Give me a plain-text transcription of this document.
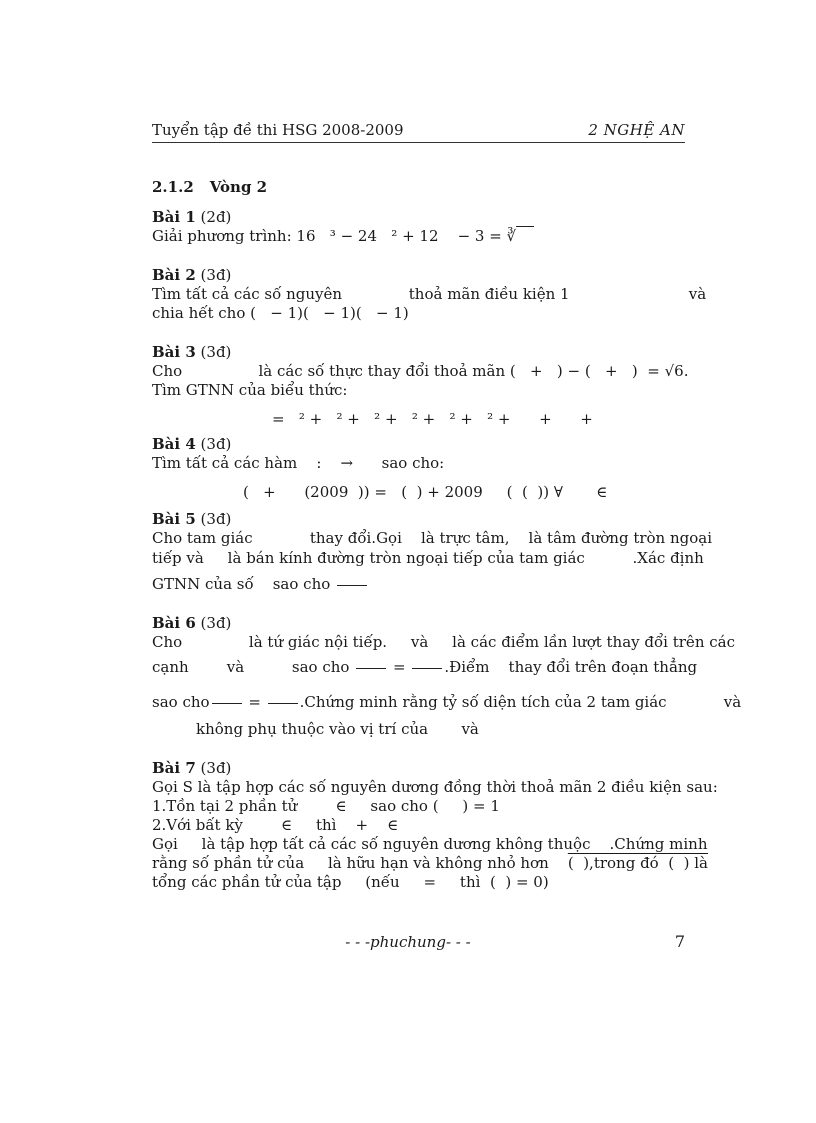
Tuyển tập đề thi HSG 2008-2009	2 NGHỆ AN
2.1.2 Vòng 2
Bài 1 (2đ)
Giải phương trình: 16   ³ − 24   ² + 12    − 3 = ∛
Bài 2 (3đ)
Tìm tất cả các số nguyên              thoả mãn điều kiện 1                         và
chia hết cho (   − 1)(   − 1)(   − 1)
Bài 3 (3đ)
Cho                là các số thực thay đổi thoả mãn (   +   ) − (   +   )  = √6.
Tìm GTNN của biểu thức:
=   ² +   ² +   ² +   ² +   ² +   ² +      +      +
Bài 4 (3đ)
Tìm tất cả các hàm    :    →      sao cho:
(   +      (2009  )) =   (  ) + 2009     (  (  )) ∀       ∈
Bài 5 (3đ)
Cho tam giác            thay đổi.Gọi    là trực tâm,    là tâm đường tròn ngoại
tiếp và     là bán kính đường tròn ngoại tiếp của tam giác          .Xác định
GTNN của số    sao cho
Bài 6 (3đ)
Cho              là tứ giác nội tiếp.     và     là các điểm lần lượt thay đổi trên các
cạnh        và          sao cho	= .Điểm    thay đổi trên đoạn thẳng
sao cho = .Chứng minh rằng tỷ số diện tích của 2 tam giác            và
không phụ thuộc vào vị trí của       và
Bài 7 (3đ)
Gọi S là tập hợp các số nguyên dương đồng thời thoả mãn 2 điều kiện sau:
1.Tồn tại 2 phần tử        ∈     sao cho (     ) = 1
2.Với bất kỳ        ∈     thì    +    ∈
Gọi     là tập hợp tất cả các số nguyên dương không thuộc    .Chứng minh
rằng số phần tử của     là hữu hạn và không nhỏ hơn (  ),trong đó  (  ) là
tổng các phần tử của tập     (nếu     =     thì  (  ) = 0)
- - -phuchung- - -	7
